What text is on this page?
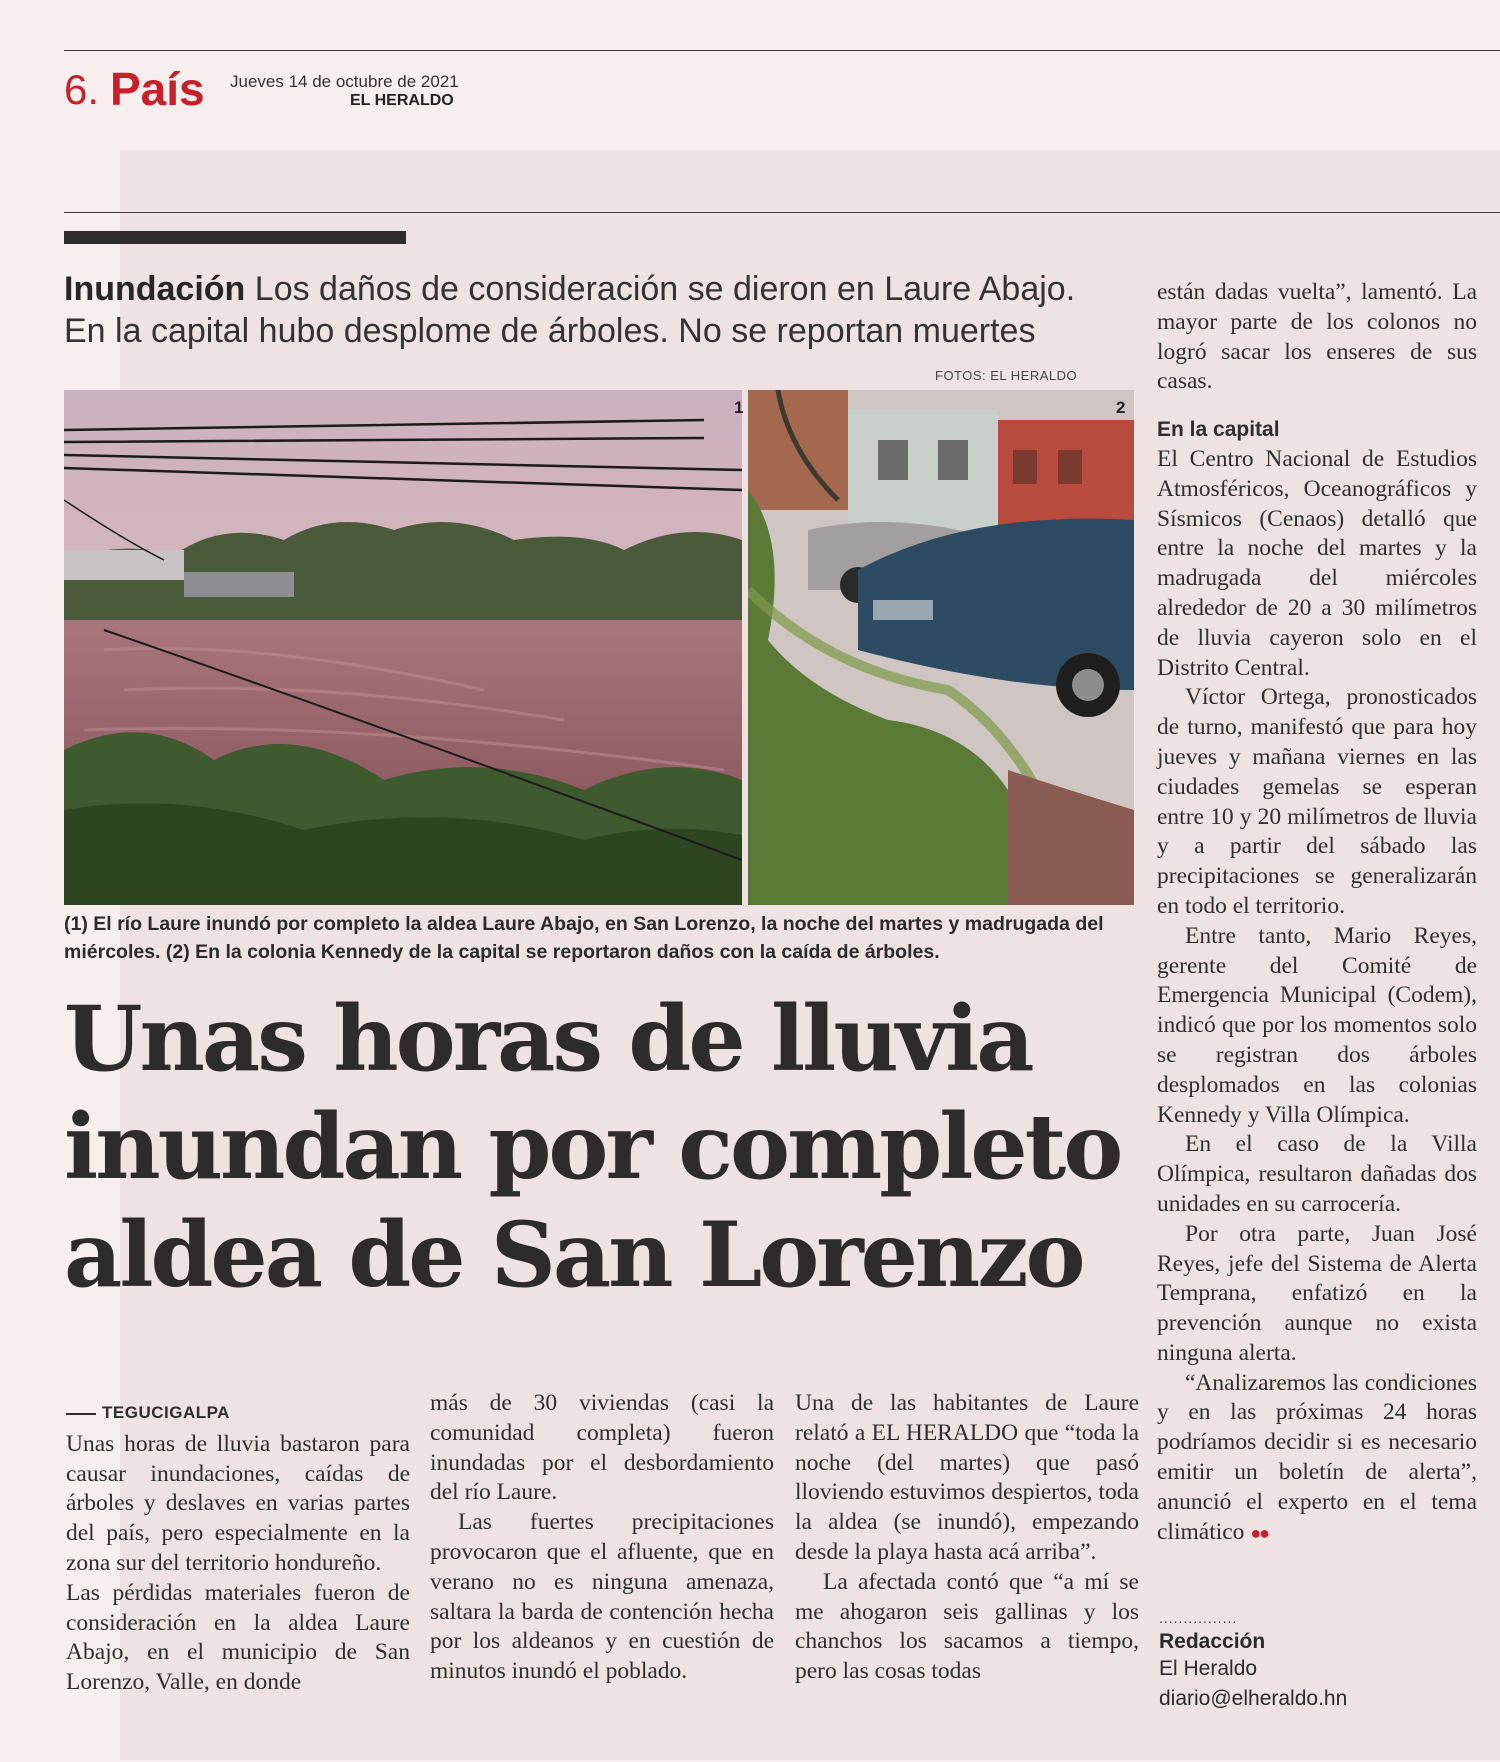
6. País Jueves 14 de octubre de 2021
EL HERALDO
Inundación Los daños de consideración se dieron en Laure Abajo. En la capital hubo desplome de árboles. No se reportan muertes
FOTOS: EL HERALDO
1	2
(1) El río Laure inundó por completo la aldea Laure Abajo, en San Lorenzo, la noche del martes y madrugada del miércoles. (2) En la colonia Kennedy de la capital se reportaron daños con la caída de árboles.
Unas horas de lluvia inundan por completo aldea de San Lorenzo
TEGUCIGALPA

Unas horas de lluvia bastaron para causar inundaciones, caídas de árboles y deslaves en varias partes del país, pero especialmente en la zona sur del territorio hondureño.

Las pérdidas materiales fueron de consideración en la aldea Laure Abajo, en el municipio de San Lorenzo, Valle, en donde

más de 30 viviendas (casi la comunidad completa) fueron inundadas por el desbordamiento del río Laure.

Las fuertes precipitaciones provocaron que el afluente, que en verano no es ninguna amenaza, saltara la barda de contención hecha por los aldeanos y en cuestión de minutos inundó el poblado.

Una de las habitantes de Laure relató a EL HERALDO que “toda la noche (del martes) que pasó lloviendo estuvimos despiertos, toda la aldea (se inundó), empezando desde la playa hasta acá arriba”.

La afectada contó que “a mí se me ahogaron seis gallinas y los chanchos los sacamos a tiempo, pero las cosas todas

están dadas vuelta”, lamentó. La mayor parte de los colonos no logró sacar los enseres de sus casas.

En la capital

El Centro Nacional de Estudios Atmosféricos, Oceanográficos y Sísmicos (Cenaos) detalló que entre la noche del martes y la madrugada del miércoles alrededor de 20 a 30 milímetros de lluvia cayeron solo en el Distrito Central.

Víctor Ortega, pronosticados de turno, manifestó que para hoy jueves y mañana viernes en las ciudades gemelas se esperan entre 10 y 20 milímetros de lluvia y a partir del sábado las precipitaciones se generalizarán en todo el territorio.

Entre tanto, Mario Reyes, gerente del Comité de Emergencia Municipal (Codem), indicó que por los momentos solo se registran dos árboles desplomados en las colonias Kennedy y Villa Olímpica.

En el caso de la Villa Olímpica, resultaron dañadas dos unidades en su carrocería.

Por otra parte, Juan José Reyes, jefe del Sistema de Alerta Temprana, enfatizó en la prevención aunque no exista ninguna alerta.

“Analizaremos las condiciones y en las próximas 24 horas podríamos decidir si es necesario emitir un boletín de alerta”, anunció el experto en el tema climático ●●

................
Redacción
El Heraldo
diario@elheraldo.hn
